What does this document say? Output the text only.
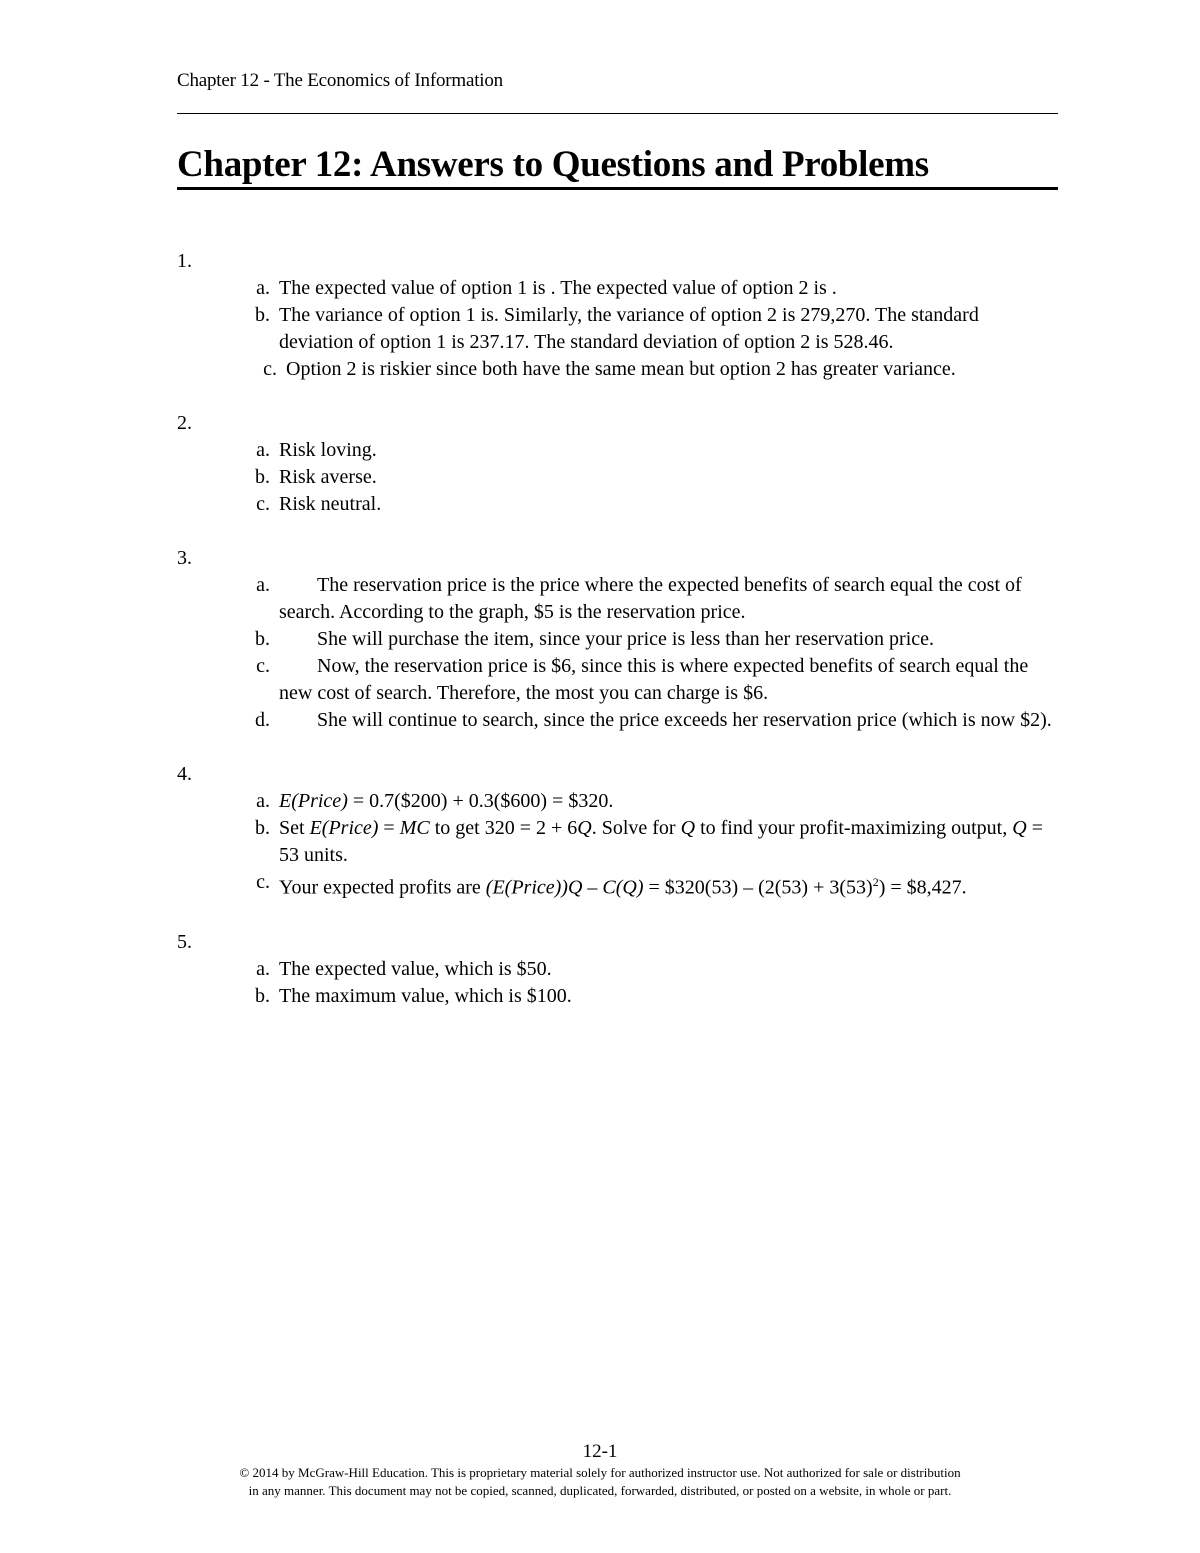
Chapter 12 - The Economics of Information
Chapter 12: Answers to Questions and Problems
1.
a. The expected value of option 1 is . The expected value of option 2 is .
b. The variance of option 1 is. Similarly, the variance of option 2 is 279,270. The standard deviation of option 1 is 237.17. The standard deviation of option 2 is 528.46.
c. Option 2 is riskier since both have the same mean but option 2 has greater variance.
2.
a. Risk loving.
b. Risk averse.
c. Risk neutral.
3.
a.	The reservation price is the price where the expected benefits of search equal the cost of search. According to the graph, $5 is the reservation price.
b.	She will purchase the item, since your price is less than her reservation price.
c.	Now, the reservation price is $6, since this is where expected benefits of search equal the new cost of search. Therefore, the most you can charge is $6.
d.	She will continue to search, since the price exceeds her reservation price (which is now $2).
4.
a. E(Price) = 0.7($200) + 0.3($600) = $320.
b. Set E(Price) = MC to get 320 = 2 + 6Q. Solve for Q to find your profit-maximizing output, Q = 53 units.
c. Your expected profits are (E(Price))Q – C(Q) = $320(53) – $(2(53) + 3(53)^2)$ = $8,427.
5.
a. The expected value, which is $50.
b. The maximum value, which is $100.
12-1
© 2014 by McGraw-Hill Education. This is proprietary material solely for authorized instructor use. Not authorized for sale or distribution
in any manner. This document may not be copied, scanned, duplicated, forwarded, distributed, or posted on a website, in whole or part.
